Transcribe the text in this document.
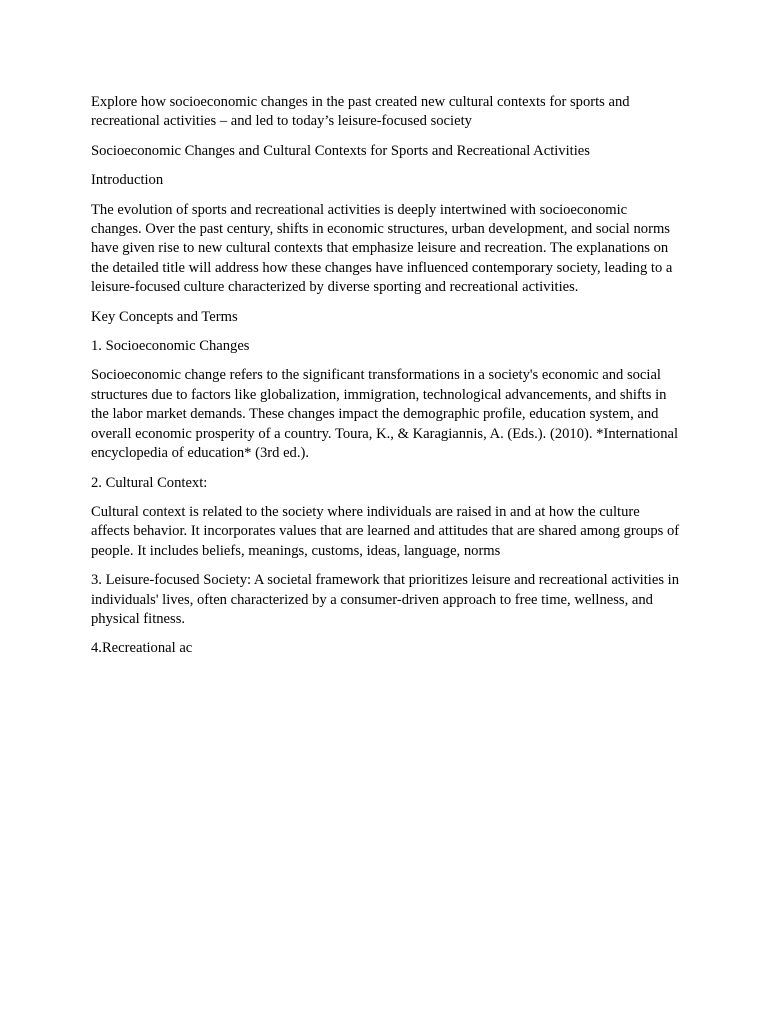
Explore how socioeconomic changes in the past created new cultural contexts for sports and recreational activities – and led to today’s leisure-focused society

Socioeconomic Changes and Cultural Contexts for Sports and Recreational Activities

Introduction

The evolution of sports and recreational activities is deeply intertwined with socioeconomic changes. Over the past century, shifts in economic structures, urban development, and social norms have given rise to new cultural contexts that emphasize leisure and recreation. The explanations on the detailed title will address how these changes have influenced contemporary society, leading to a leisure-focused culture characterized by diverse sporting and recreational activities.

Key Concepts and Terms

1. Socioeconomic Changes

Socioeconomic change refers to the significant transformations in a society's economic and social structures due to factors like globalization, immigration, technological advancements, and shifts in the labor market demands. These changes impact the demographic profile, education system, and overall economic prosperity of a country. Toura, K., & Karagiannis, A. (Eds.). (2010). *International encyclopedia of education* (3rd ed.).

2. Cultural Context:

Cultural context is related to the society where individuals are raised in and at how the culture affects behavior. It incorporates values that are learned and attitudes that are shared among groups of people. It includes beliefs, meanings, customs, ideas, language, norms

3. Leisure-focused Society: A societal framework that prioritizes leisure and recreational activities in individuals' lives, often characterized by a consumer-driven approach to free time, wellness, and physical fitness.

4.Recreational ac
